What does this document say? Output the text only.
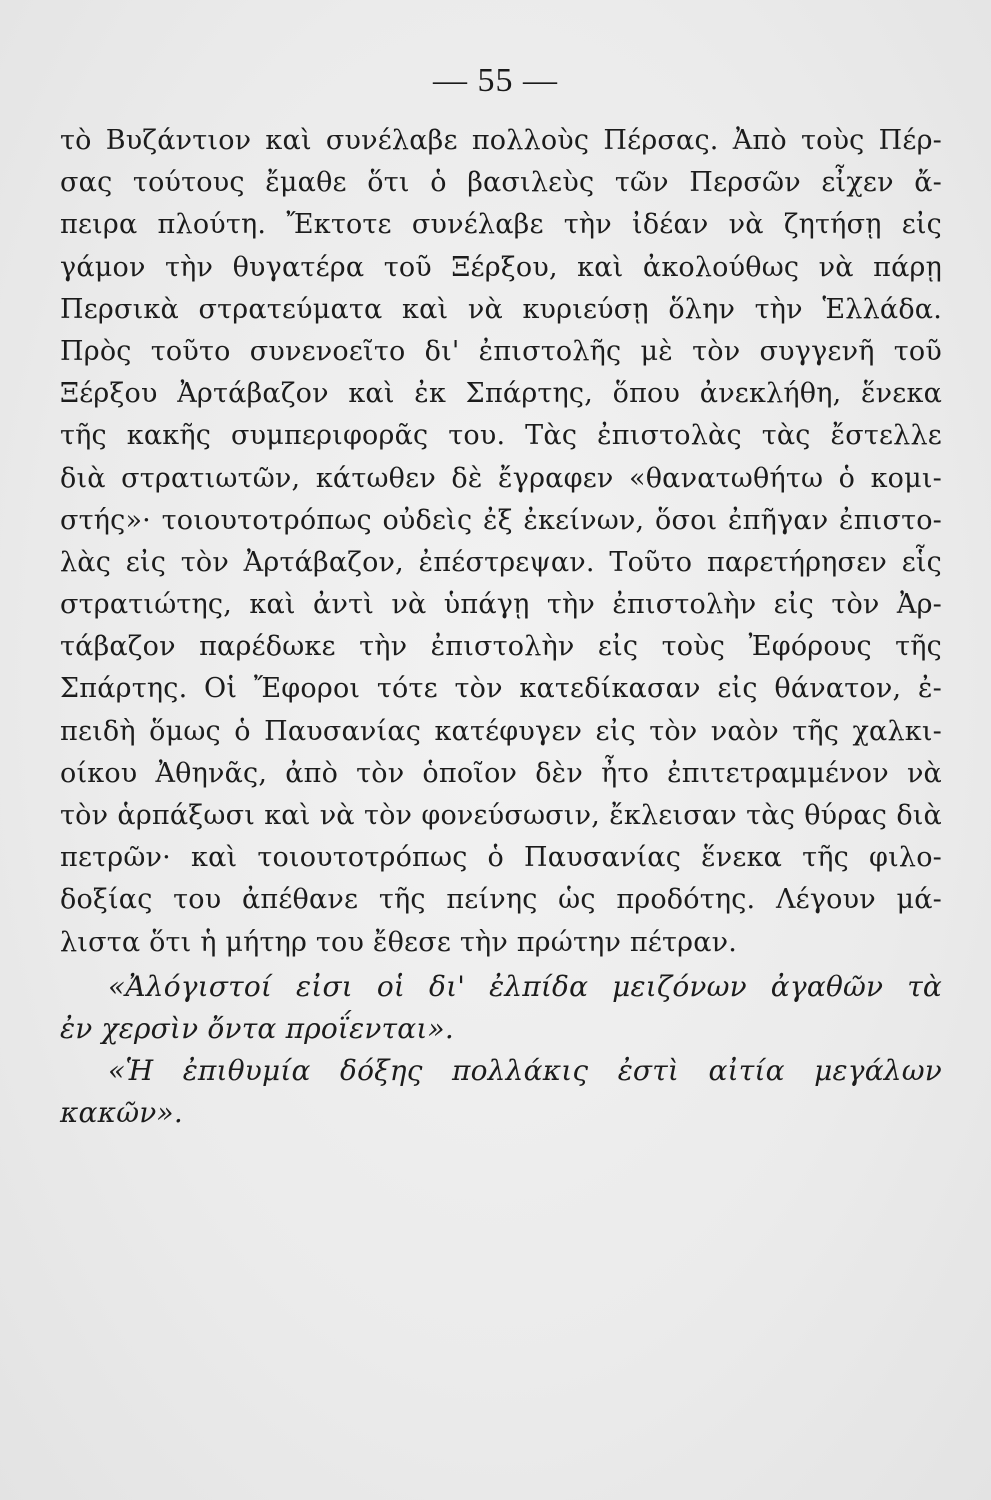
— 55 —
τὸ Βυζάντιον καὶ συνέλαβε πολλοὺς Πέρσας. Ἀπὸ τοὺς Πέρ-
σας τούτους ἔμαθε ὅτι ὁ βασιλεὺς τῶν Περσῶν εἶχεν ἄ-
πειρα πλούτη. Ἔκτοτε συνέλαβε τὴν ἰδέαν νὰ ζητήσῃ εἰς
γάμον τὴν θυγατέρα τοῦ Ξέρξου, καὶ ἀκολούθως νὰ πάρῃ
Περσικὰ στρατεύματα καὶ νὰ κυριεύσῃ ὅλην τὴν Ἑλλάδα.
Πρὸς τοῦτο συνενοεῖτο δι' ἐπιστολῆς μὲ τὸν συγγενῆ τοῦ
Ξέρξου Ἀρτάβαζον καὶ ἐκ Σπάρτης, ὅπου ἀνεκλήθη, ἕνεκα
τῆς κακῆς συμπεριφορᾶς του. Τὰς ἐπιστολὰς τὰς ἔστελλε
διὰ στρατιωτῶν, κάτωθεν δὲ ἔγραφεν «θανατωθήτω ὁ κομι-
στής»· τοιουτοτρόπως οὐδεὶς ἐξ ἐκείνων, ὅσοι ἐπῆγαν ἐπιστο-
λὰς εἰς τὸν Ἀρτάβαζον, ἐπέστρεψαν. Τοῦτο παρετήρησεν εἷς
στρατιώτης, καὶ ἀντὶ νὰ ὑπάγῃ τὴν ἐπιστολὴν εἰς τὸν Ἀρ-
τάβαζον παρέδωκε τὴν ἐπιστολὴν εἰς τοὺς Ἐφόρους τῆς
Σπάρτης. Οἱ Ἔφοροι τότε τὸν κατεδίκασαν εἰς θάνατον, ἐ-
πειδὴ ὅμως ὁ Παυσανίας κατέφυγεν εἰς τὸν ναὸν τῆς χαλκι-
οίκου Ἀθηνᾶς, ἀπὸ τὸν ὁποῖον δὲν ἦτο ἐπιτετραμμένον νὰ
τὸν ἁρπάξωσι καὶ νὰ τὸν φονεύσωσιν, ἔκλεισαν τὰς θύρας διὰ
πετρῶν· καὶ τοιουτοτρόπως ὁ Παυσανίας ἕνεκα τῆς φιλο-
δοξίας του ἀπέθανε τῆς πείνης ὡς προδότης. Λέγουν μά-
λιστα ὅτι ἡ μήτηρ του ἔθεσε τὴν πρώτην πέτραν.
«Ἀλόγιστοί εἰσι οἱ δι' ἐλπίδα μειζόνων ἀγαθῶν τὰ
ἐν χερσὶν ὄντα προΐενται».
«Ἡ ἐπιθυμία δόξης πολλάκις ἐστὶ αἰτία μεγάλων
κακῶν».
